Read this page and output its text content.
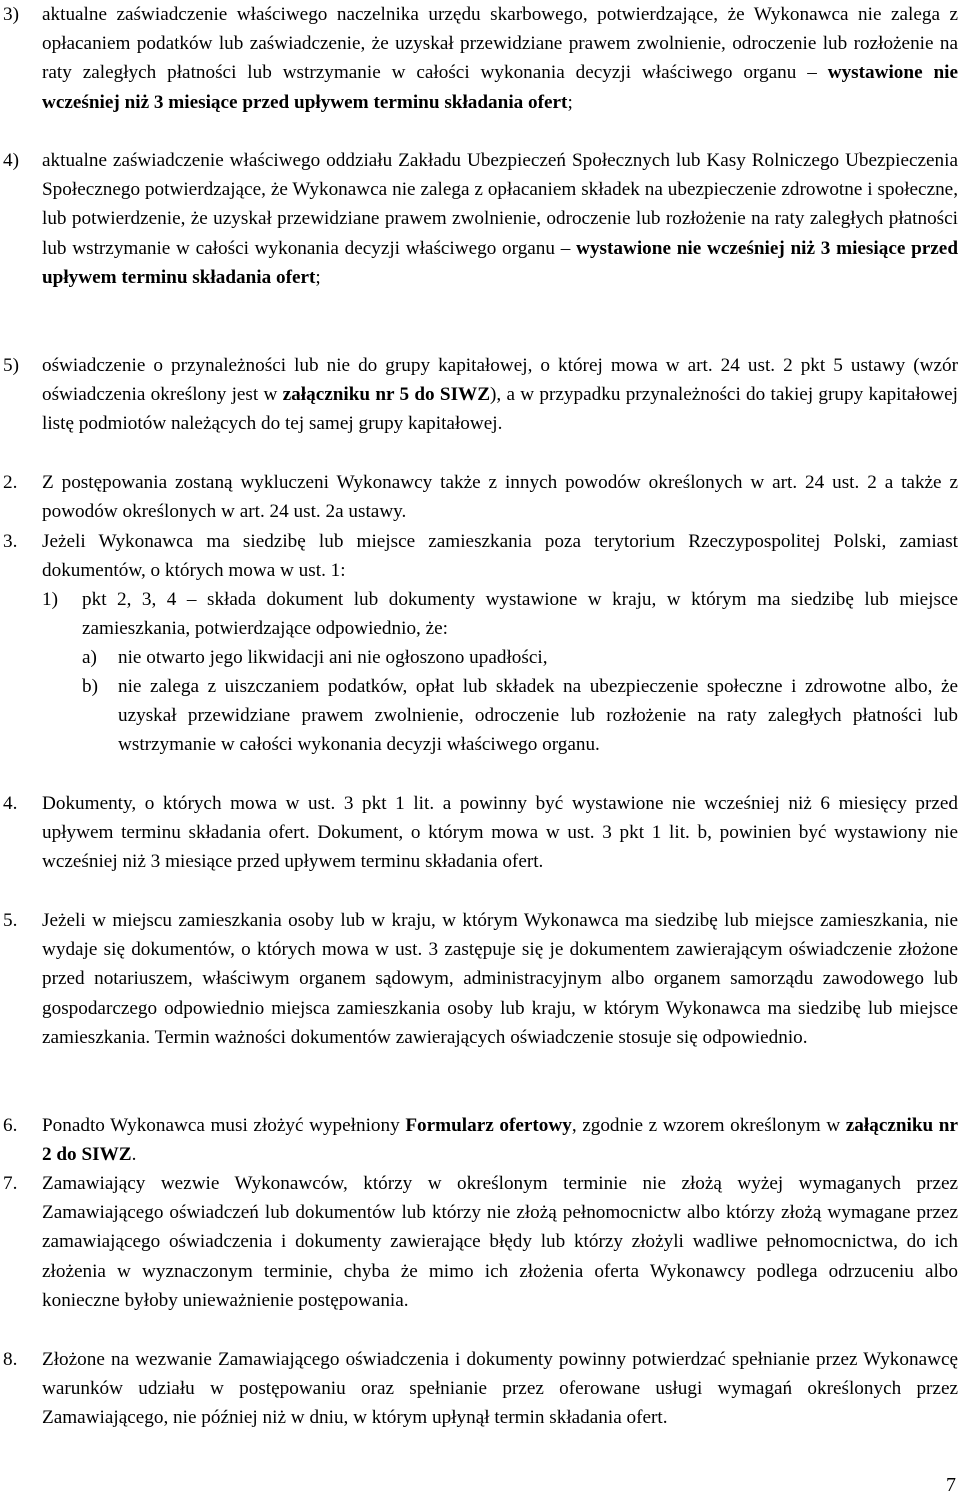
3) aktualne zaświadczenie właściwego naczelnika urzędu skarbowego, potwierdzające, że Wykonawca nie zalega z opłacaniem podatków lub zaświadczenie, że uzyskał przewidziane prawem zwolnienie, odroczenie lub rozłożenie na raty zaległych płatności lub wstrzymanie w całości wykonania decyzji właściwego organu – wystawione nie wcześniej niż 3 miesiące przed upływem terminu składania ofert;
4) aktualne zaświadczenie właściwego oddziału Zakładu Ubezpieczeń Społecznych lub Kasy Rolniczego Ubezpieczenia Społecznego potwierdzające, że Wykonawca nie zalega z opłacaniem składek na ubezpieczenie zdrowotne i społeczne, lub potwierdzenie, że uzyskał przewidziane prawem zwolnienie, odroczenie lub rozłożenie na raty zaległych płatności lub wstrzymanie w całości wykonania decyzji właściwego organu – wystawione nie wcześniej niż 3 miesiące przed upływem terminu składania ofert;
5) oświadczenie o przynależności lub nie do grupy kapitałowej, o której mowa w art. 24 ust. 2 pkt 5 ustawy (wzór oświadczenia określony jest w załączniku nr 5 do SIWZ), a w przypadku przynależności do takiej grupy kapitałowej listę podmiotów należących do tej samej grupy kapitałowej.
2. Z postępowania zostaną wykluczeni Wykonawcy także z innych powodów określonych w art. 24 ust. 2 a także z powodów określonych w art. 24 ust. 2a ustawy.
3. Jeżeli Wykonawca ma siedzibę lub miejsce zamieszkania poza terytorium Rzeczypospolitej Polski, zamiast dokumentów, o których mowa w ust. 1:
1) pkt 2, 3, 4 – składa dokument lub dokumenty wystawione w kraju, w którym ma siedzibę lub miejsce zamieszkania, potwierdzające odpowiednio, że:
a) nie otwarto jego likwidacji ani nie ogłoszono upadłości,
b) nie zalega z uiszczaniem podatków, opłat lub składek na ubezpieczenie społeczne i zdrowotne albo, że uzyskał przewidziane prawem zwolnienie, odroczenie lub rozłożenie na raty zaległych płatności lub wstrzymanie w całości wykonania decyzji właściwego organu.
4. Dokumenty, o których mowa w ust. 3 pkt 1 lit. a powinny być wystawione nie wcześniej niż 6 miesięcy przed upływem terminu składania ofert. Dokument, o którym mowa w ust. 3 pkt 1 lit. b, powinien być wystawiony nie wcześniej niż 3 miesiące przed upływem terminu składania ofert.
5. Jeżeli w miejscu zamieszkania osoby lub w kraju, w którym Wykonawca ma siedzibę lub miejsce zamieszkania, nie wydaje się dokumentów, o których mowa w ust. 3 zastępuje się je dokumentem zawierającym oświadczenie złożone przed notariuszem, właściwym organem sądowym, administracyjnym albo organem samorządu zawodowego lub gospodarczego odpowiednio miejsca zamieszkania osoby lub kraju, w którym Wykonawca ma siedzibę lub miejsce zamieszkania. Termin ważności dokumentów zawierających oświadczenie stosuje się odpowiednio.
6. Ponadto Wykonawca musi złożyć wypełniony Formularz ofertowy, zgodnie z wzorem określonym w załączniku nr 2 do SIWZ.
7. Zamawiający wezwie Wykonawców, którzy w określonym terminie nie złożą wyżej wymaganych przez Zamawiającego oświadczeń lub dokumentów lub którzy nie złożą pełnomocnictw albo którzy złożą wymagane przez zamawiającego oświadczenia i dokumenty zawierające błędy lub którzy złożyli wadliwe pełnomocnictwa, do ich złożenia w wyznaczonym terminie, chyba że mimo ich złożenia oferta Wykonawcy podlega odrzuceniu albo konieczne byłoby unieważnienie postępowania.
8. Złożone na wezwanie Zamawiającego oświadczenia i dokumenty powinny potwierdzać spełnianie przez Wykonawcę warunków udziału w postępowaniu oraz spełnianie przez oferowane usługi wymagań określonych przez Zamawiającego, nie później niż w dniu, w którym upłynął termin składania ofert.
7
